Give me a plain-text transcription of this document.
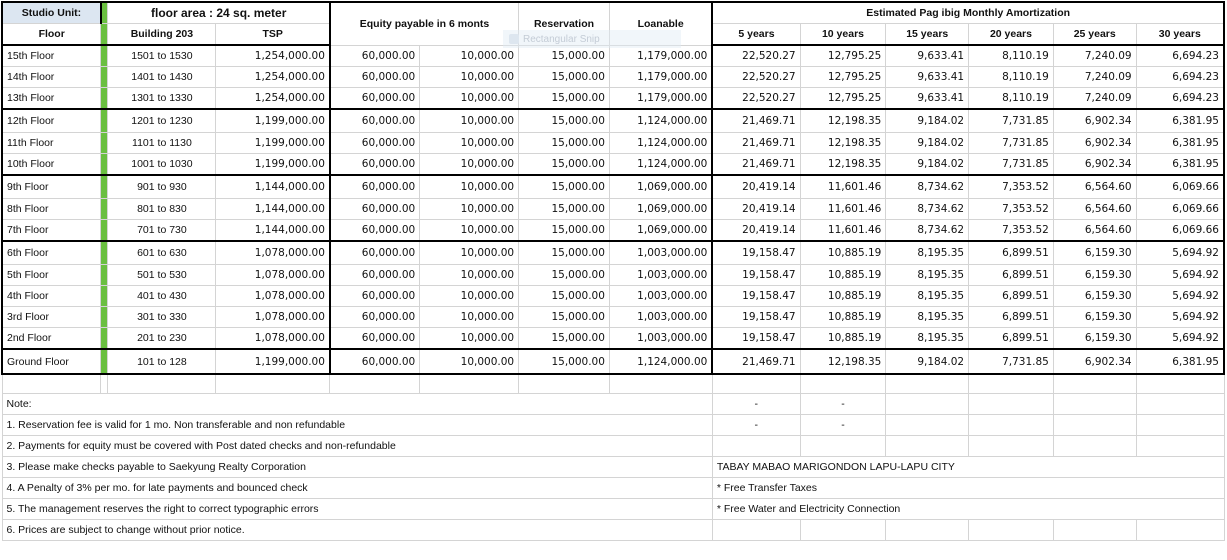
Studio Unit:		floor area : 24 sq. meter		Equity payable in 6 monts		Reservation	Loanable	Estimated Pag ibig Monthly Amortization					
Floor		Building 203	TSP					5 years	10 years	15 years	20 years	25 years	30 years
15th Floor		1501 to 1530	1,254,000.00	60,000.00	10,000.00	15,000.00	1,179,000.00	22,520.27	12,795.25	9,633.41	8,110.19	7,240.09	6,694.23
14th Floor		1401 to 1430	1,254,000.00	60,000.00	10,000.00	15,000.00	1,179,000.00	22,520.27	12,795.25	9,633.41	8,110.19	7,240.09	6,694.23
13th Floor		1301 to 1330	1,254,000.00	60,000.00	10,000.00	15,000.00	1,179,000.00	22,520.27	12,795.25	9,633.41	8,110.19	7,240.09	6,694.23
12th Floor		1201 to 1230	1,199,000.00	60,000.00	10,000.00	15,000.00	1,124,000.00	21,469.71	12,198.35	9,184.02	7,731.85	6,902.34	6,381.95
11th Floor		1101 to 1130	1,199,000.00	60,000.00	10,000.00	15,000.00	1,124,000.00	21,469.71	12,198.35	9,184.02	7,731.85	6,902.34	6,381.95
10th Floor		1001 to 1030	1,199,000.00	60,000.00	10,000.00	15,000.00	1,124,000.00	21,469.71	12,198.35	9,184.02	7,731.85	6,902.34	6,381.95
9th Floor		901 to 930	1,144,000.00	60,000.00	10,000.00	15,000.00	1,069,000.00	20,419.14	11,601.46	8,734.62	7,353.52	6,564.60	6,069.66
8th Floor		801 to 830	1,144,000.00	60,000.00	10,000.00	15,000.00	1,069,000.00	20,419.14	11,601.46	8,734.62	7,353.52	6,564.60	6,069.66
7th Floor		701 to 730	1,144,000.00	60,000.00	10,000.00	15,000.00	1,069,000.00	20,419.14	11,601.46	8,734.62	7,353.52	6,564.60	6,069.66
6th Floor		601 to 630	1,078,000.00	60,000.00	10,000.00	15,000.00	1,003,000.00	19,158.47	10,885.19	8,195.35	6,899.51	6,159.30	5,694.92
5th Floor		501 to 530	1,078,000.00	60,000.00	10,000.00	15,000.00	1,003,000.00	19,158.47	10,885.19	8,195.35	6,899.51	6,159.30	5,694.92
4th Floor		401 to 430	1,078,000.00	60,000.00	10,000.00	15,000.00	1,003,000.00	19,158.47	10,885.19	8,195.35	6,899.51	6,159.30	5,694.92
3rd Floor		301 to 330	1,078,000.00	60,000.00	10,000.00	15,000.00	1,003,000.00	19,158.47	10,885.19	8,195.35	6,899.51	6,159.30	5,694.92
2nd Floor		201 to 230	1,078,000.00	60,000.00	10,000.00	15,000.00	1,003,000.00	19,158.47	10,885.19	8,195.35	6,899.51	6,159.30	5,694.92
Ground Floor		101 to 128	1,199,000.00	60,000.00	10,000.00	15,000.00	1,124,000.00	21,469.71	12,198.35	9,184.02	7,731.85	6,902.34	6,381.95

Note:								-	-				
1. Reservation fee is valid for 1 mo. Non transferable and non refundable								-	-				
2. Payments for equity must be covered with Post dated checks and non-refundable													
3. Please make checks payable to Saekyung Realty Corporation								TABAY MABAO MARIGONDON LAPU-LAPU CITY					
4. A Penalty of 3% per mo. for late payments and bounced check								* Free Transfer Taxes					
5. The management reserves the right to correct typographic errors								* Free Water and Electricity Connection					
6. Prices are subject to change without prior notice.													
Rectangular Snip
